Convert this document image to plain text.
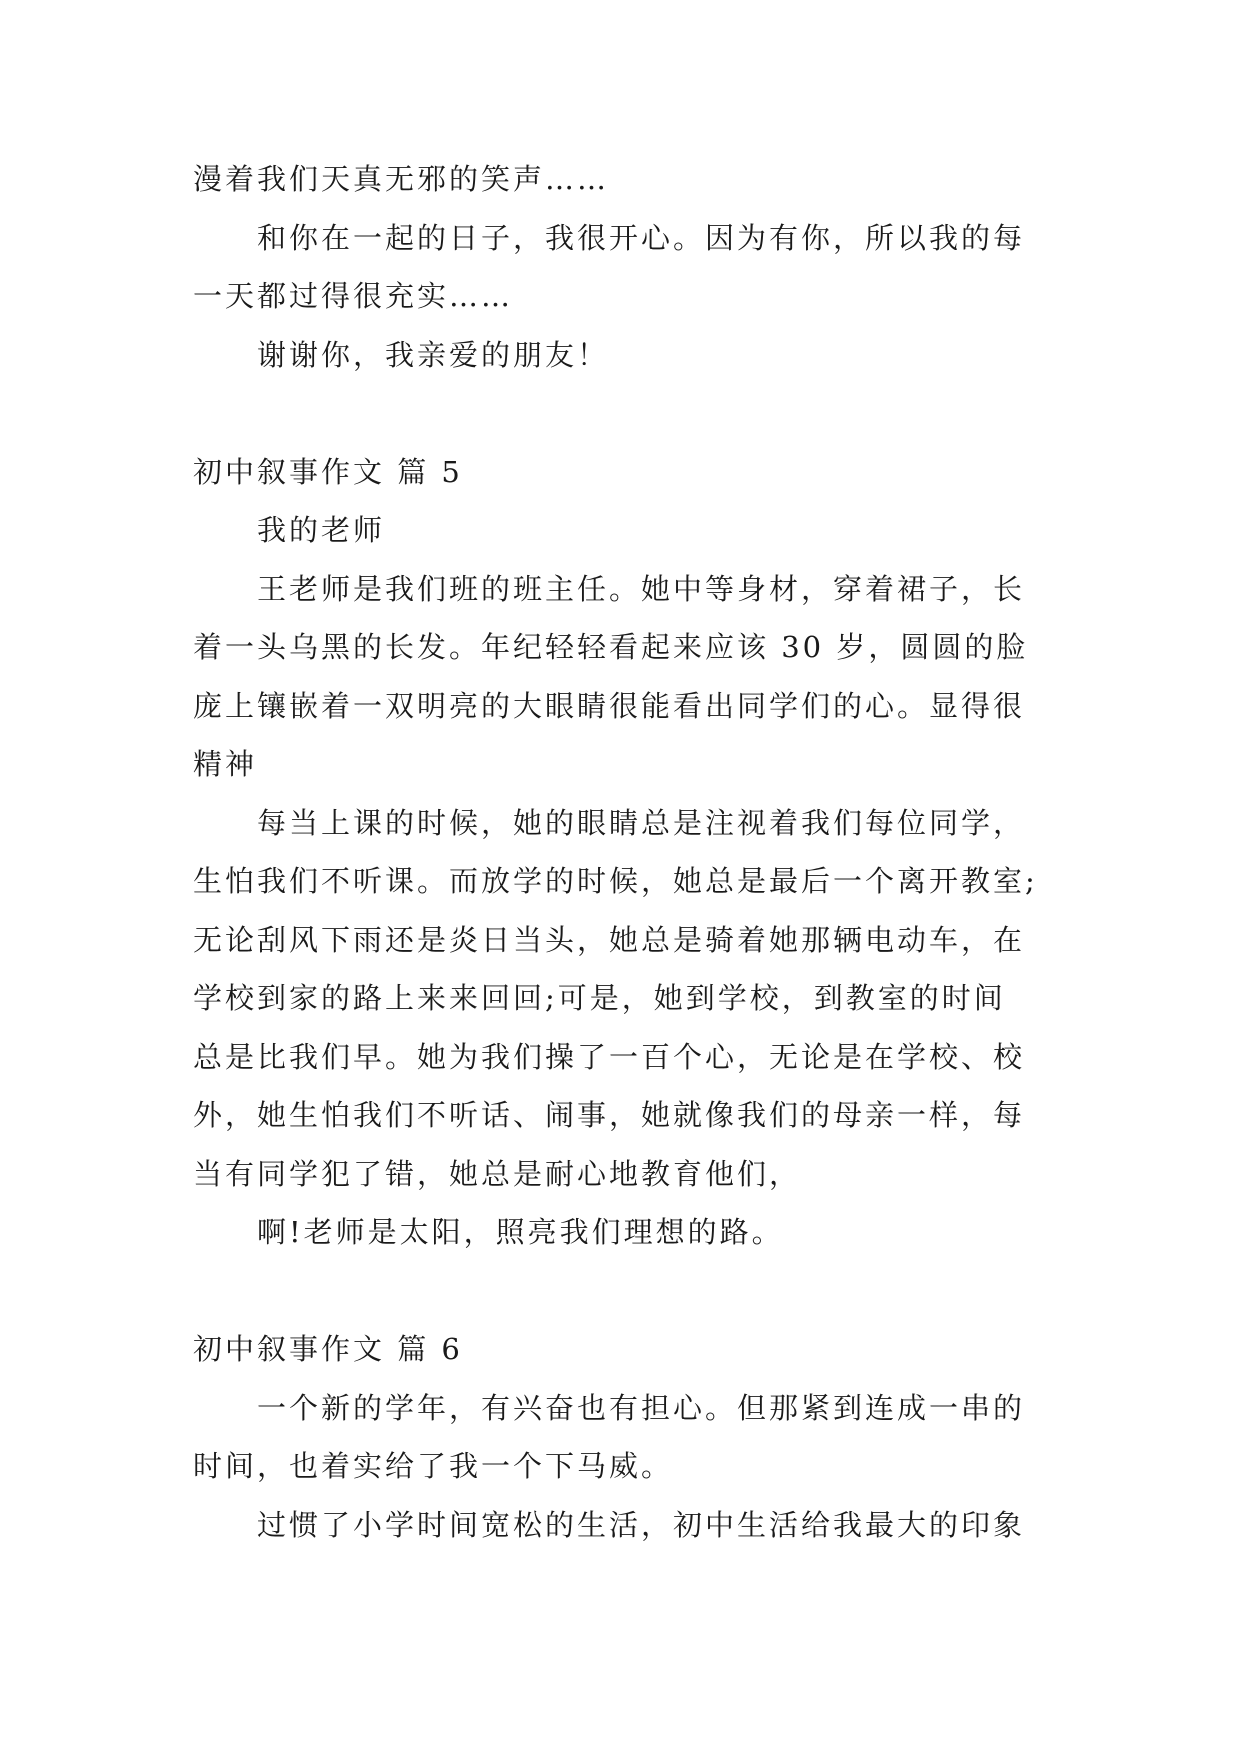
漫着我们天真无邪的笑声……
和你在一起的日子，我很开心。因为有你，所以我的每
一天都过得很充实……
谢谢你，我亲爱的朋友！
初中叙事作文 篇 5
我的老师
王老师是我们班的班主任。她中等身材，穿着裙子，长
着一头乌黑的长发。年纪轻轻看起来应该 30 岁，圆圆的脸
庞上镶嵌着一双明亮的大眼睛很能看出同学们的心。显得很
精神
每当上课的时候，她的眼睛总是注视着我们每位同学，
生怕我们不听课。而放学的时候，她总是最后一个离开教室;
无论刮风下雨还是炎日当头，她总是骑着她那辆电动车，在
学校到家的路上来来回回;可是，她到学校，到教室的时间
总是比我们早。她为我们操了一百个心，无论是在学校、校
外，她生怕我们不听话、闹事，她就像我们的母亲一样，每
当有同学犯了错，她总是耐心地教育他们，
啊!老师是太阳，照亮我们理想的路。
初中叙事作文 篇 6
一个新的学年，有兴奋也有担心。但那紧到连成一串的
时间，也着实给了我一个下马威。
过惯了小学时间宽松的生活，初中生活给我最大的印象
